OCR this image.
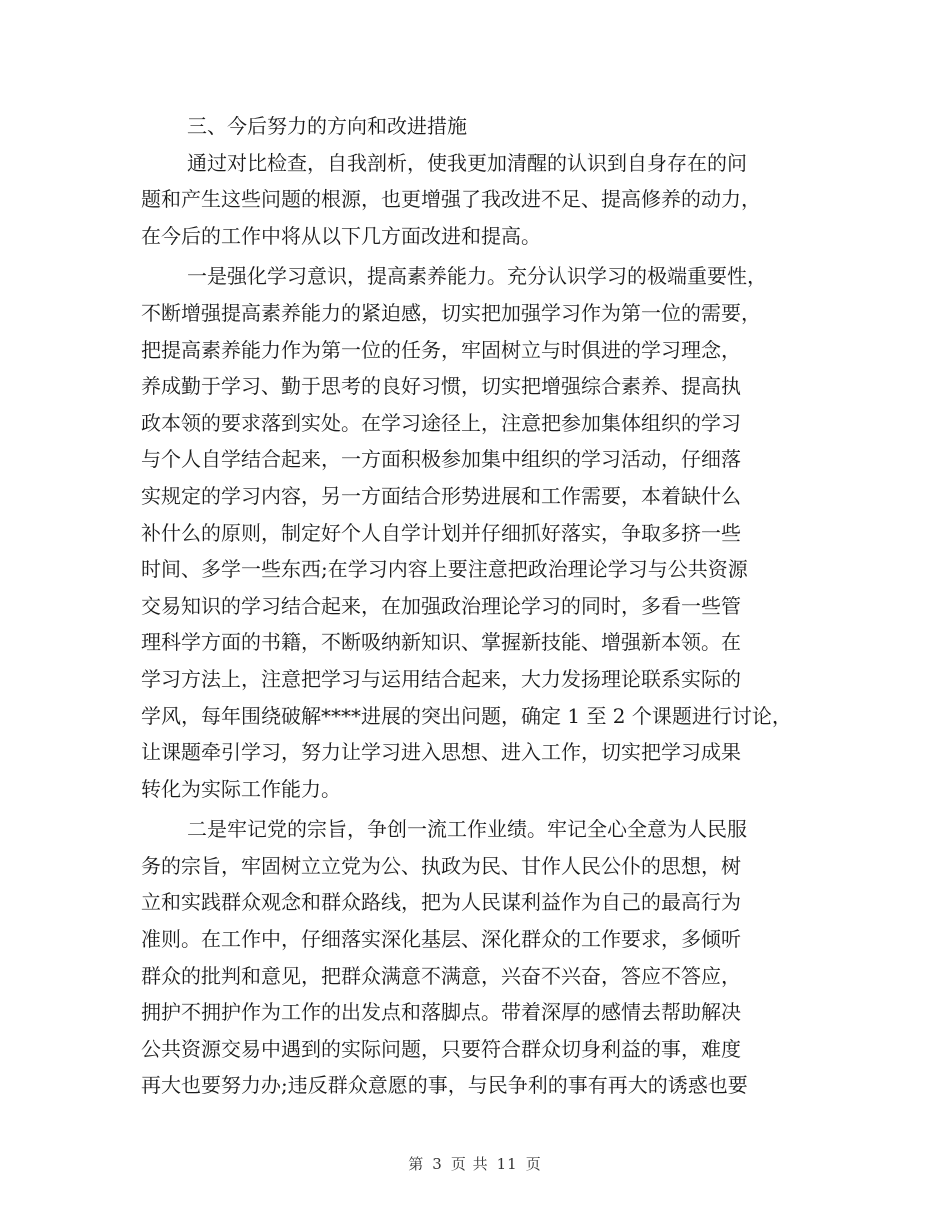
三、今后努力的方向和改进措施

通过对比检查，自我剖析，使我更加清醒的认识到自身存在的问

题和产生这些问题的根源，也更增强了我改进不足、提高修养的动力，

在今后的工作中将从以下几方面改进和提高。

一是强化学习意识，提高素养能力。充分认识学习的极端重要性，

不断增强提高素养能力的紧迫感，切实把加强学习作为第一位的需要，

把提高素养能力作为第一位的任务，牢固树立与时俱进的学习理念，

养成勤于学习、勤于思考的良好习惯，切实把增强综合素养、提高执

政本领的要求落到实处。在学习途径上，注意把参加集体组织的学习

与个人自学结合起来，一方面积极参加集中组织的学习活动，仔细落

实规定的学习内容，另一方面结合形势进展和工作需要，本着缺什么

补什么的原则，制定好个人自学计划并仔细抓好落实，争取多挤一些

时间、多学一些东西;在学习内容上要注意把政治理论学习与公共资源

交易知识的学习结合起来，在加强政治理论学习的同时，多看一些管

理科学方面的书籍，不断吸纳新知识、掌握新技能、增强新本领。在

学习方法上，注意把学习与运用结合起来，大力发扬理论联系实际的

学风，每年围绕破解****进展的突出问题，确定 1 至 2 个课题进行讨论，

让课题牵引学习，努力让学习进入思想、进入工作，切实把学习成果

转化为实际工作能力。

二是牢记党的宗旨，争创一流工作业绩。牢记全心全意为人民服

务的宗旨，牢固树立立党为公、执政为民、甘作人民公仆的思想，树

立和实践群众观念和群众路线，把为人民谋利益作为自己的最高行为

准则。在工作中，仔细落实深化基层、深化群众的工作要求，多倾听

群众的批判和意见，把群众满意不满意，兴奋不兴奋，答应不答应，

拥护不拥护作为工作的出发点和落脚点。带着深厚的感情去帮助解决

公共资源交易中遇到的实际问题，只要符合群众切身利益的事，难度

再大也要努力办;违反群众意愿的事，与民争利的事有再大的诱惑也要

第 3 页 共 11 页
